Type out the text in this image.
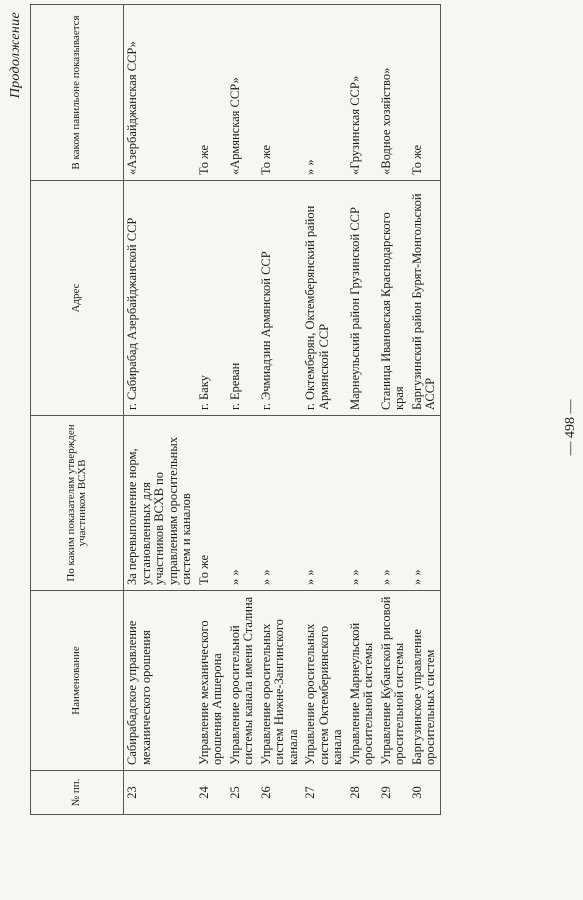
Продолжение
№ пп.	Наименование	По каким показателям утвержден участником ВСХВ	Адрес	В каком павильоне показывается
23	Сабирабадское управление механического орошения	За перевыполнение норм, установленных для участников ВСХВ по управлениям оросительных систем и каналов	г. Сабирабад Азербайджанской ССР	«Азербайджанская ССР»
24	Управление механического орошения Апшерона	То же	г. Баку	То же
25	Управление оросительной системы канала имени Сталина	» »	г. Ереван	«Армянская ССР»
26	Управление оросительных систем Нижне-Зангинского канала	» »	г. Эчмиадзин Армянской ССР	То же
27	Управление оросительных систем Октембериянского канала	» »	г. Октемберян, Октемберянский район Армянской ССР	» »
28	Управление Марнеульской оросительной системы	» »	Марнеульский район Грузинской ССР	«Грузинская ССР»
29	Управление Кубанской рисовой оросительной системы	» »	Станица Ивановская Краснодарского края	«Водное хозяйство»
30	Баргузинское управление оросительных систем	» »	Баргузинский район Бурят-Монгольской АССР	То же
— 498 —
